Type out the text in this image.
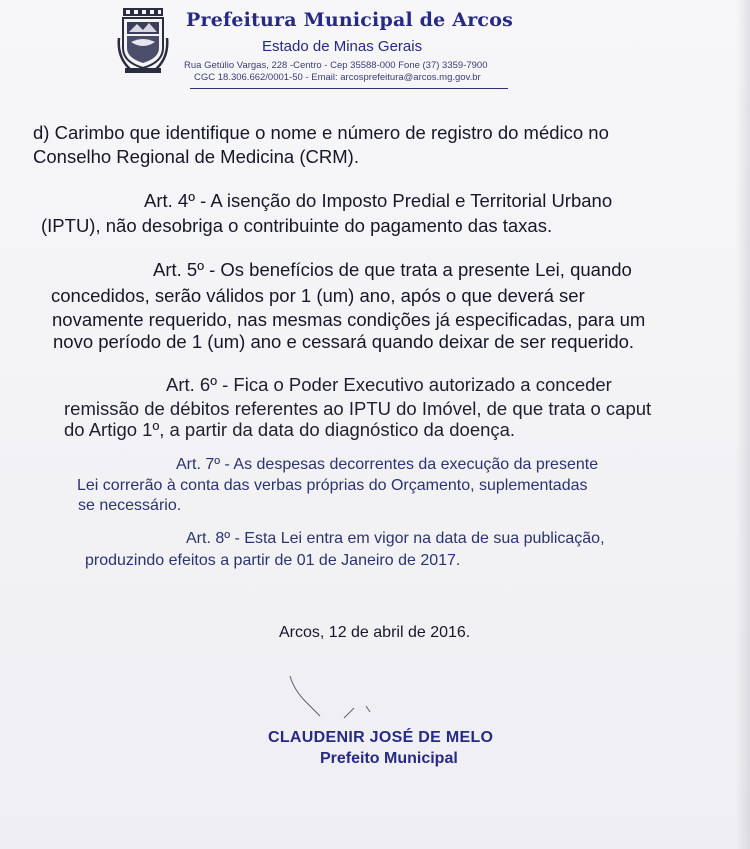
Prefeitura Municipal de Arcos
Estado de Minas Gerais
Rua Getúlio Vargas, 228 -Centro - Cep 35588-000 Fone (37) 3359-7900
CGC 18.306.662/0001-50 - Email: arcosprefeitura@arcos.mg.gov.br
d) Carimbo que identifique o nome e número de registro do médico no
Conselho Regional de Medicina (CRM).
Art. 4º - A isenção do Imposto Predial e Territorial Urbano
(IPTU), não desobriga o contribuinte do pagamento das taxas.
Art. 5º - Os benefícios de que trata a presente Lei, quando
concedidos, serão válidos por 1 (um) ano, após o que deverá ser
novamente requerido, nas mesmas condições já especificadas, para um
novo período de 1 (um) ano e cessará quando deixar de ser requerido.
Art. 6º - Fica o Poder Executivo autorizado a conceder
remissão de débitos referentes ao IPTU do Imóvel, de que trata o caput
do Artigo 1º, a partir da data do diagnóstico da doença.
Art. 7º - As despesas decorrentes da execução da presente
Lei correrão à conta das verbas próprias do Orçamento, suplementadas
se necessário.
Art. 8º - Esta Lei entra em vigor na data de sua publicação,
produzindo efeitos a partir de 01 de Janeiro de 2017.
Arcos, 12 de abril de 2016.
CLAUDENIR JOSÉ DE MELO
Prefeito Municipal
